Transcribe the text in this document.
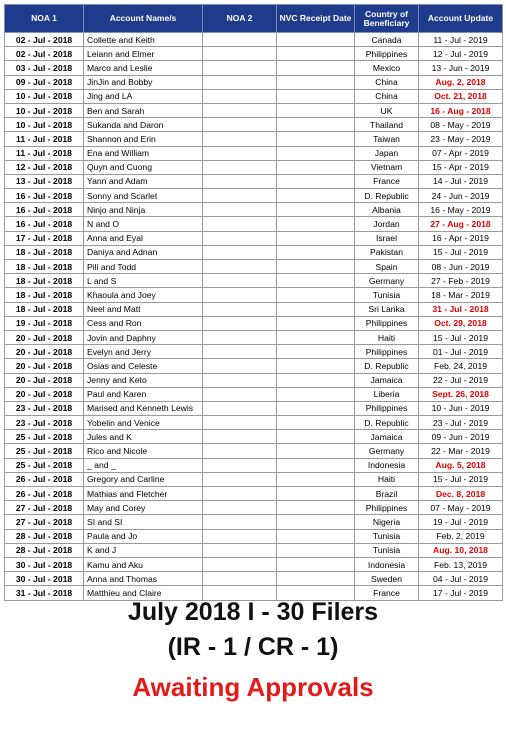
NOA 1	Account Name/s	NOA 2	NVC Receipt Date	Country of Beneficiary	Account Update
02 - Jul - 2018	Collette and Keith			Canada	11 - Jul - 2019
02 - Jul - 2018	Leiann and Elmer			Philippines	12 - Jul - 2019
03 - Jul - 2018	Marco and Leslie			Mexico	13 - Jun - 2019
09 - Jul - 2018	JinJin and Bobby			China	Aug. 2, 2018
10 - Jul - 2018	Jing and LA			China	Oct. 21, 2018
10 - Jul - 2018	Ben and Sarah			UK	16 - Aug - 2018
10 - Jul - 2018	Sukanda and Daron			Thailand	08 - May - 2019
11 - Jul - 2018	Shannon and Erin			Taiwan	23 - May - 2019
11 - Jul - 2018	Ena and William			Japan	07 - Apr - 2019
12 - Jul - 2018	Quyn and Cuong			Vietnam	15 - Apr - 2019
13 - Jul - 2018	Yann and Adam			France	14 - Jul - 2019
16 - Jul - 2018	Sonny and Scarlet			D. Republic	24 - Jun - 2019
16 - Jul - 2018	Ninjo and Ninja			Albania	16 - May - 2019
16 - Jul - 2018	N and O			Jordan	27 - Aug - 2018
17 - Jul - 2018	Anna and Eyal			Israel	16 - Apr - 2019
18 - Jul - 2018	Daniya and Adnan			Pakistan	15 - Jul - 2019
18 - Jul - 2018	Pili and Todd			Spain	08 - Jun - 2019
18 - Jul - 2018	L and S			Germany	27 - Feb - 2019
18 - Jul - 2018	Khaoula and Joey			Tunisia	18 - Mar - 2019
18 - Jul - 2018	Neel and Matt			Sri Lanka	31 - Jul - 2018
19 - Jul - 2018	Cess and Ron			Philippines	Oct. 29, 2018
20 - Jul - 2018	Jovin and Daphny			Haiti	15 - Jul - 2019
20 - Jul - 2018	Evelyn and Jerry			Philippines	01 - Jul - 2019
20 - Jul - 2018	Osias and Celeste			D. Republic	Feb. 24, 2019
20 - Jul - 2018	Jenny and Keto			Jamaica	22 - Jul - 2019
20 - Jul - 2018	Paul and Karen			Liberia	Sept. 26, 2018
23 - Jul - 2018	Marised and Kenneth Lewis			Philippines	10 - Jun - 2019
23 - Jul - 2018	Yobelin and Venice			D. Republic	23 - Jul - 2019
25 - Jul - 2018	Jules and K			Jamaica	09 - Jun - 2019
25 - Jul - 2018	Rico and Nicole			Germany	22 - Mar - 2019
25 - Jul - 2018	_ and _			Indonesia	Aug. 5, 2018
26 - Jul - 2018	Gregory and Carline			Haiti	15 - Jul - 2019
26 - Jul - 2018	Mathias and Fletcher			Brazil	Dec. 8, 2018
27 - Jul - 2018	May and Corey			Philippines	07 - May - 2019
27 - Jul - 2018	SI and SI			Nigeria	19 - Jul - 2019
28 - Jul - 2018	Paula and Jo			Tunisia	Feb. 2, 2019
28 - Jul - 2018	K and J			Tunisia	Aug. 10, 2018
30 - Jul - 2018	Kamu and Aku			Indonesia	Feb. 13, 2019
30 - Jul - 2018	Anna and Thomas			Sweden	04 - Jul - 2019
31 - Jul - 2018	Matthieu and Claire			France	17 - Jul - 2019
July 2018 I - 30 Filers
(IR - 1 / CR - 1)
Awaiting Approvals
